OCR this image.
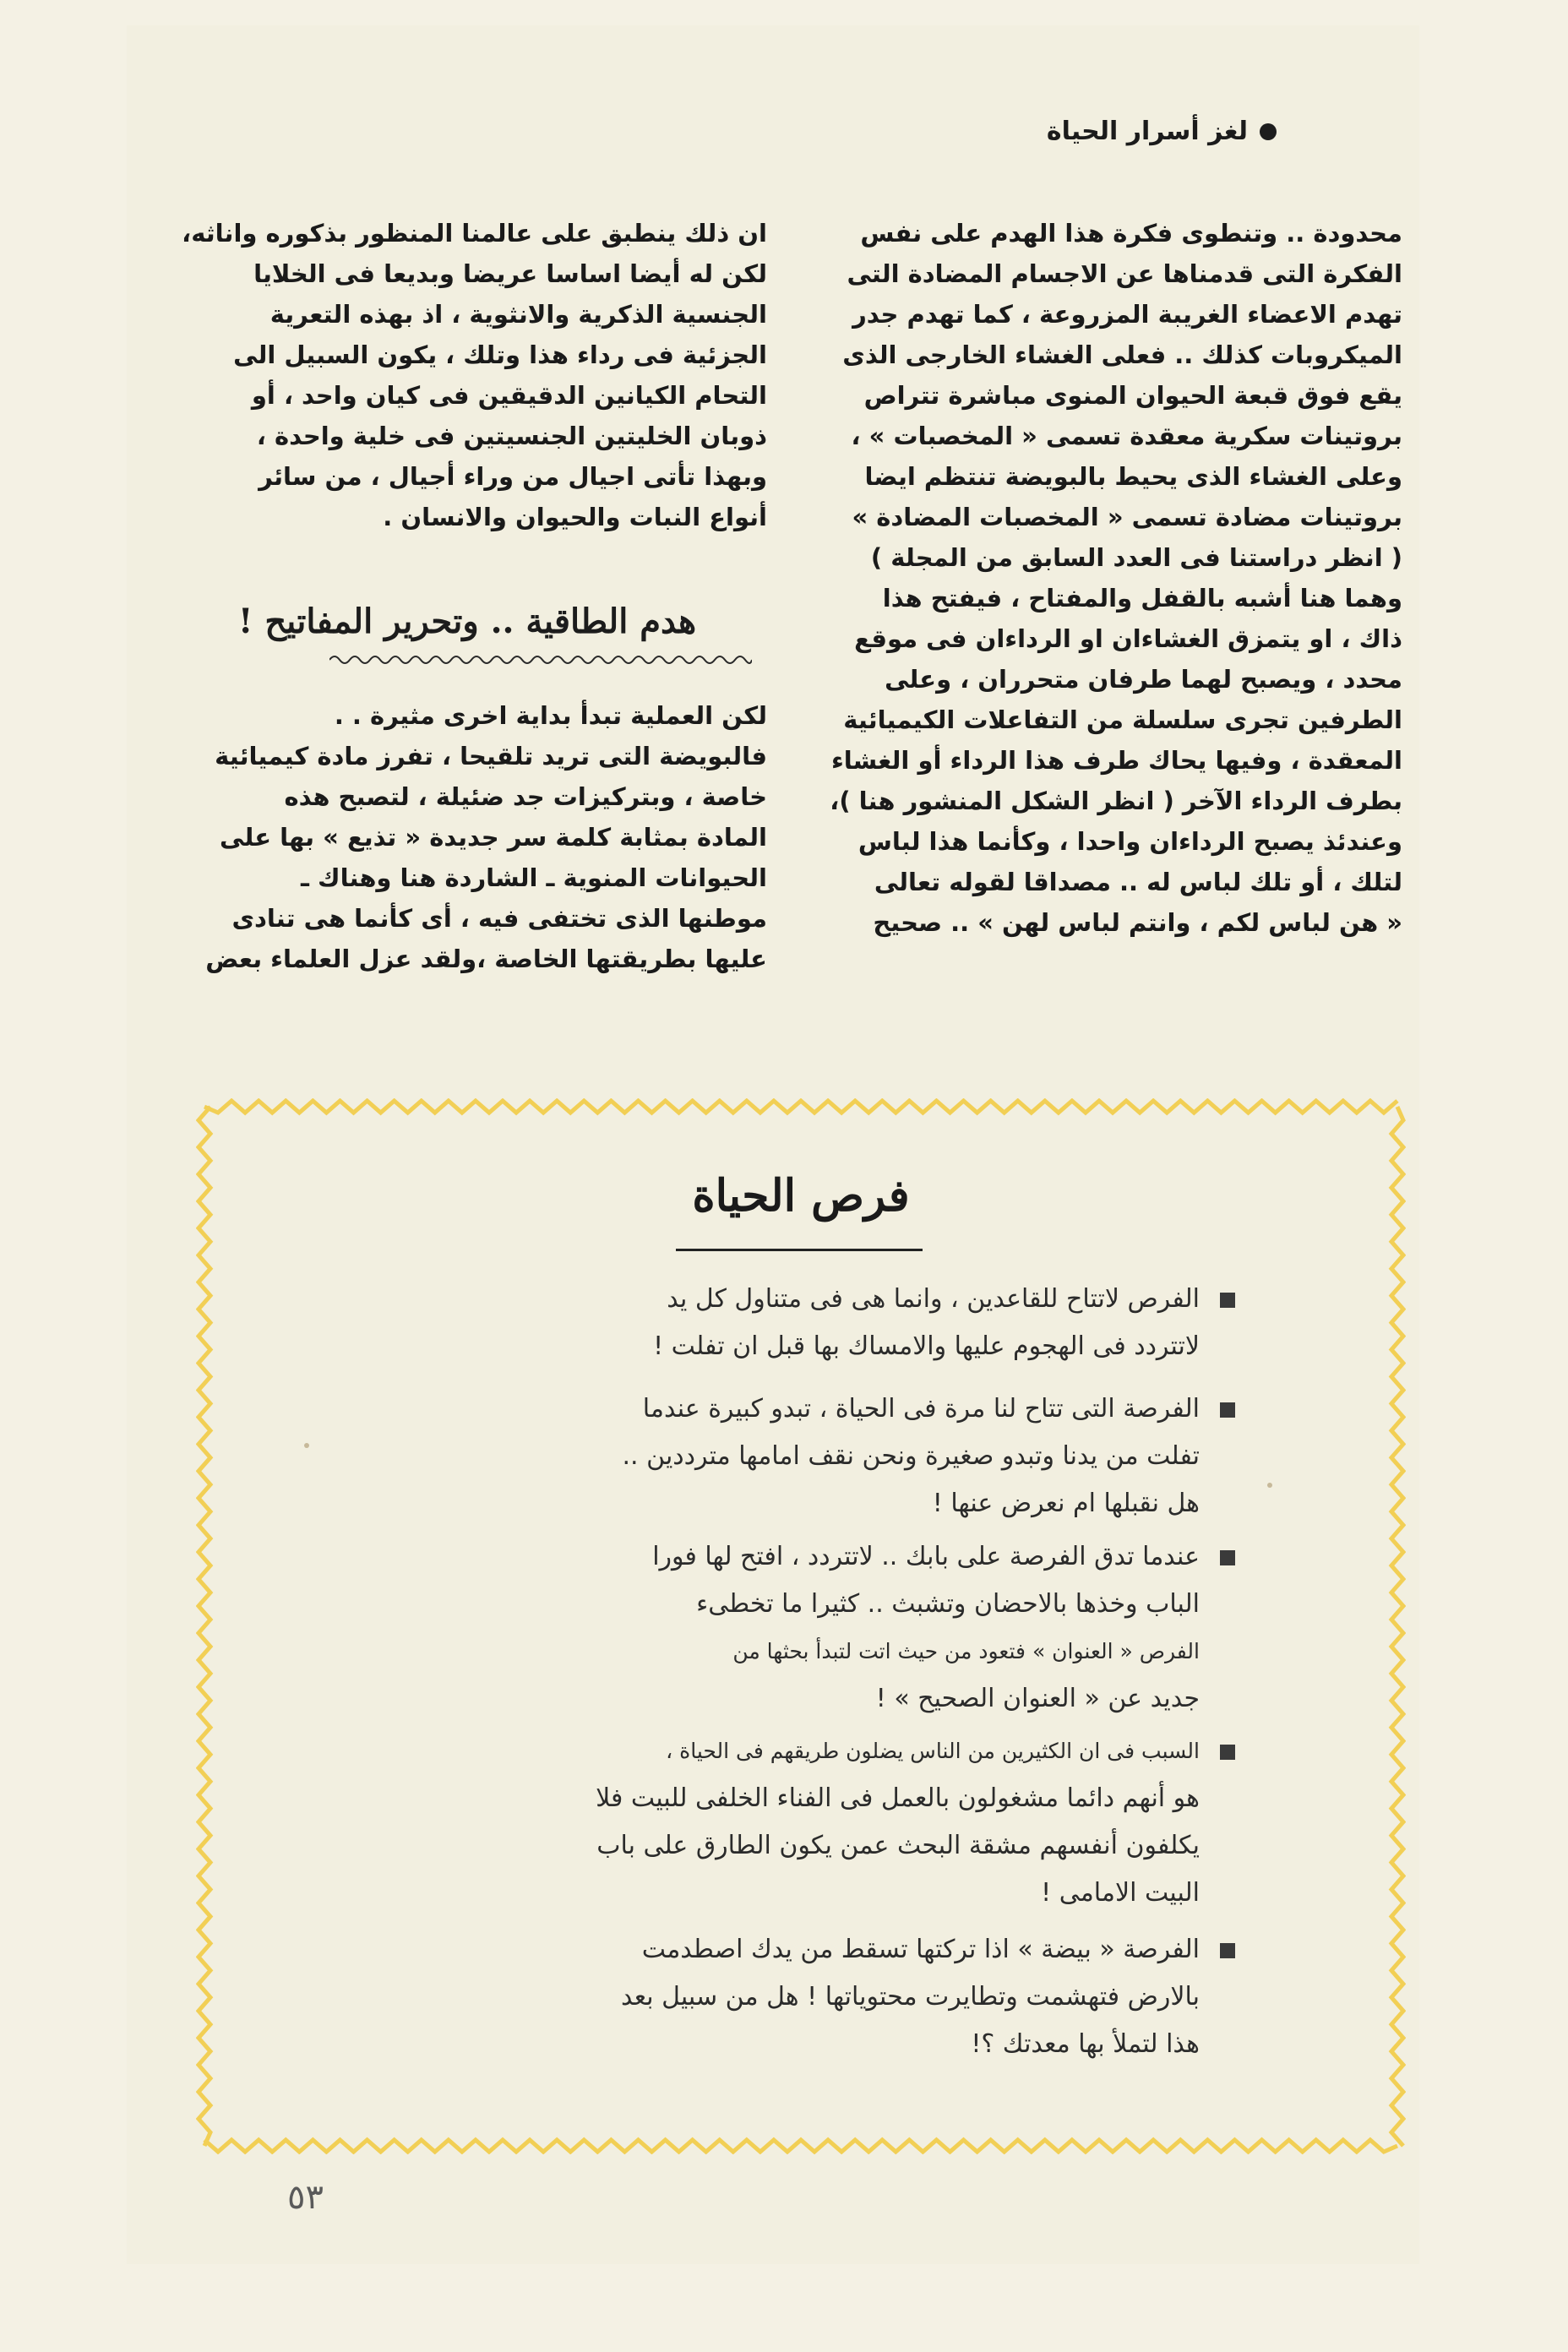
لغز أسرار الحياة
محدودة .. وتنطوى فكرة هذا الهدم على نفس
الفكرة التى قدمناها عن الاجسام المضادة التى
تهدم الاعضاء الغريبة المزروعة ، كما تهدم جدر
الميكروبات كذلك .. فعلى الغشاء الخارجى الذى
يقع فوق قبعة الحيوان المنوى مباشرة تتراص
بروتينات سكرية معقدة تسمى « المخصبات » ،
وعلى الغشاء الذى يحيط بالبويضة تنتظم ايضا
بروتينات مضادة تسمى « المخصبات المضادة »
( انظر دراستنا فى العدد السابق من المجلة )
وهما هنا أشبه بالقفل والمفتاح ، فيفتح هذا
ذاك ، او يتمزق الغشاءان او الرداءان فى موقع
محدد ، ويصبح لهما طرفان متحرران ، وعلى
الطرفين تجرى سلسلة من التفاعلات الكيميائية
المعقدة ، وفيها يحاك طرف هذا الرداء أو الغشاء
بطرف الرداء الآخر ( انظر الشكل المنشور هنا )،
وعندئذ يصبح الرداءان واحدا ، وكأنما هذا لباس
لتلك ، أو تلك لباس له .. مصداقا لقوله تعالى
« هن لباس لكم ، وانتم لباس لهن » .. صحيح
ان ذلك ينطبق على عالمنا المنظور بذكوره واناثه،
لكن له أيضا اساسا عريضا وبديعا فى الخلايا
الجنسية الذكرية والانثوية ، اذ بهذه التعرية
الجزئية فى رداء هذا وتلك ، يكون السبيل الى
التحام الكيانين الدقيقين فى كيان واحد ، أو
ذوبان الخليتين الجنسيتين فى خلية واحدة ،
وبهذا تأتى اجيال من وراء أجيال ، من سائر
أنواع النبات والحيوان والانسان .
هدم الطاقية .. وتحرير المفاتيح !
لكن العملية تبدأ بداية اخرى مثيرة . .
فالبويضة التى تريد تلقيحا ، تفرز مادة كيميائية
خاصة ، وبتركيزات جد ضئيلة ، لتصبح هذه
المادة بمثابة كلمة سر جديدة « تذيع » بها على
الحيوانات المنوية ـ الشاردة هنا وهناك ـ
موطنها الذى تختفى فيه ، أى كأنما هى تنادى
عليها بطريقتها الخاصة ،ولقد عزل العلماء بعض
فرص الحياة
الفرص لاتتاح للقاعدين ، وانما هى فى متناول كل يد
لاتتردد فى الهجوم عليها والامساك بها قبل ان تفلت !
الفرصة التى تتاح لنا مرة فى الحياة ، تبدو كبيرة عندما
تفلت من يدنا وتبدو صغيرة ونحن نقف امامها مترددين ..
هل نقبلها ام نعرض عنها !
عندما تدق الفرصة على بابك .. لاتتردد ، افتح لها فورا
الباب وخذها بالاحضان وتشبث .. كثيرا ما تخطىء
الفرص « العنوان » فتعود من حيث اتت لتبدأ بحثها من
جديد عن « العنوان الصحيح » !
السبب فى ان الكثيرين من الناس يضلون طريقهم فى الحياة ،
هو أنهم دائما مشغولون بالعمل فى الفناء الخلفى للبيت فلا
يكلفون أنفسهم مشقة البحث عمن يكون الطارق على باب
البيت الامامى !
الفرصة « بيضة » اذا تركتها تسقط من يدك اصطدمت
بالارض فتهشمت وتطايرت محتوياتها ! هل من سبيل بعد
هذا لتملأ بها معدتك ؟!
٥٣
